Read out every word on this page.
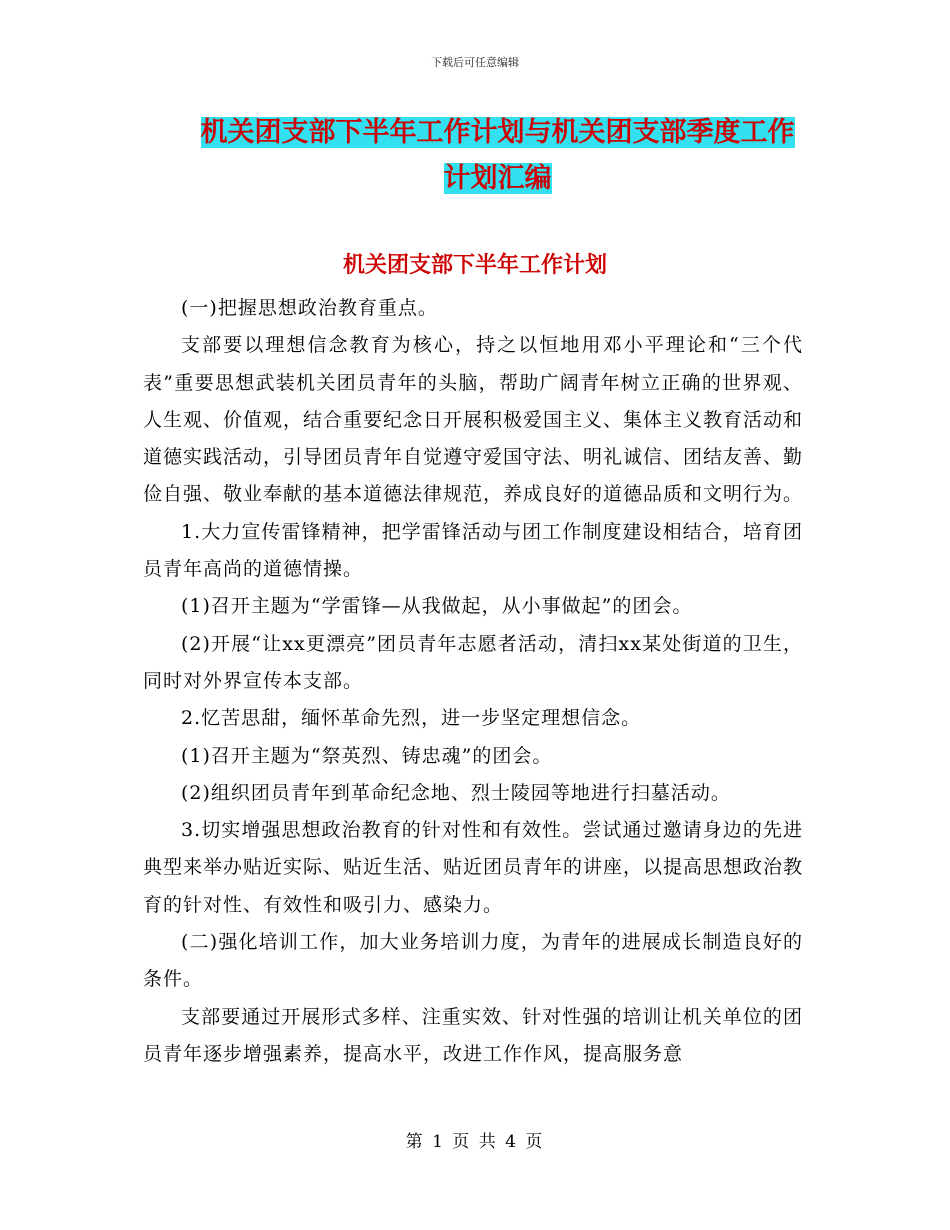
下载后可任意编辑
机关团支部下半年工作计划与机关团支部季度工作计划汇编
机关团支部下半年工作计划

(一)把握思想政治教育重点。

支部要以理想信念教育为核心，持之以恒地用邓小平理论和“三个代表”重要思想武装机关团员青年的头脑，帮助广阔青年树立正确的世界观、人生观、价值观，结合重要纪念日开展积极爱国主义、集体主义教育活动和道德实践活动，引导团员青年自觉遵守爱国守法、明礼诚信、团结友善、勤俭自强、敬业奉献的基本道德法律规范，养成良好的道德品质和文明行为。

1.大力宣传雷锋精神，把学雷锋活动与团工作制度建设相结合，培育团员青年高尚的道德情操。

(1)召开主题为“学雷锋—从我做起，从小事做起”的团会。

(2)开展“让xx更漂亮”团员青年志愿者活动，清扫xx某处街道的卫生，同时对外界宣传本支部。

2.忆苦思甜，缅怀革命先烈，进一步坚定理想信念。

(1)召开主题为“祭英烈、铸忠魂”的团会。

(2)组织团员青年到革命纪念地、烈士陵园等地进行扫墓活动。

3.切实增强思想政治教育的针对性和有效性。尝试通过邀请身边的先进典型来举办贴近实际、贴近生活、贴近团员青年的讲座，以提高思想政治教育的针对性、有效性和吸引力、感染力。

(二)强化培训工作，加大业务培训力度，为青年的进展成长制造良好的条件。

支部要通过开展形式多样、注重实效、针对性强的培训让机关单位的团员青年逐步增强素养，提高水平，改进工作作风，提高服务意

第 1 页 共 4 页
